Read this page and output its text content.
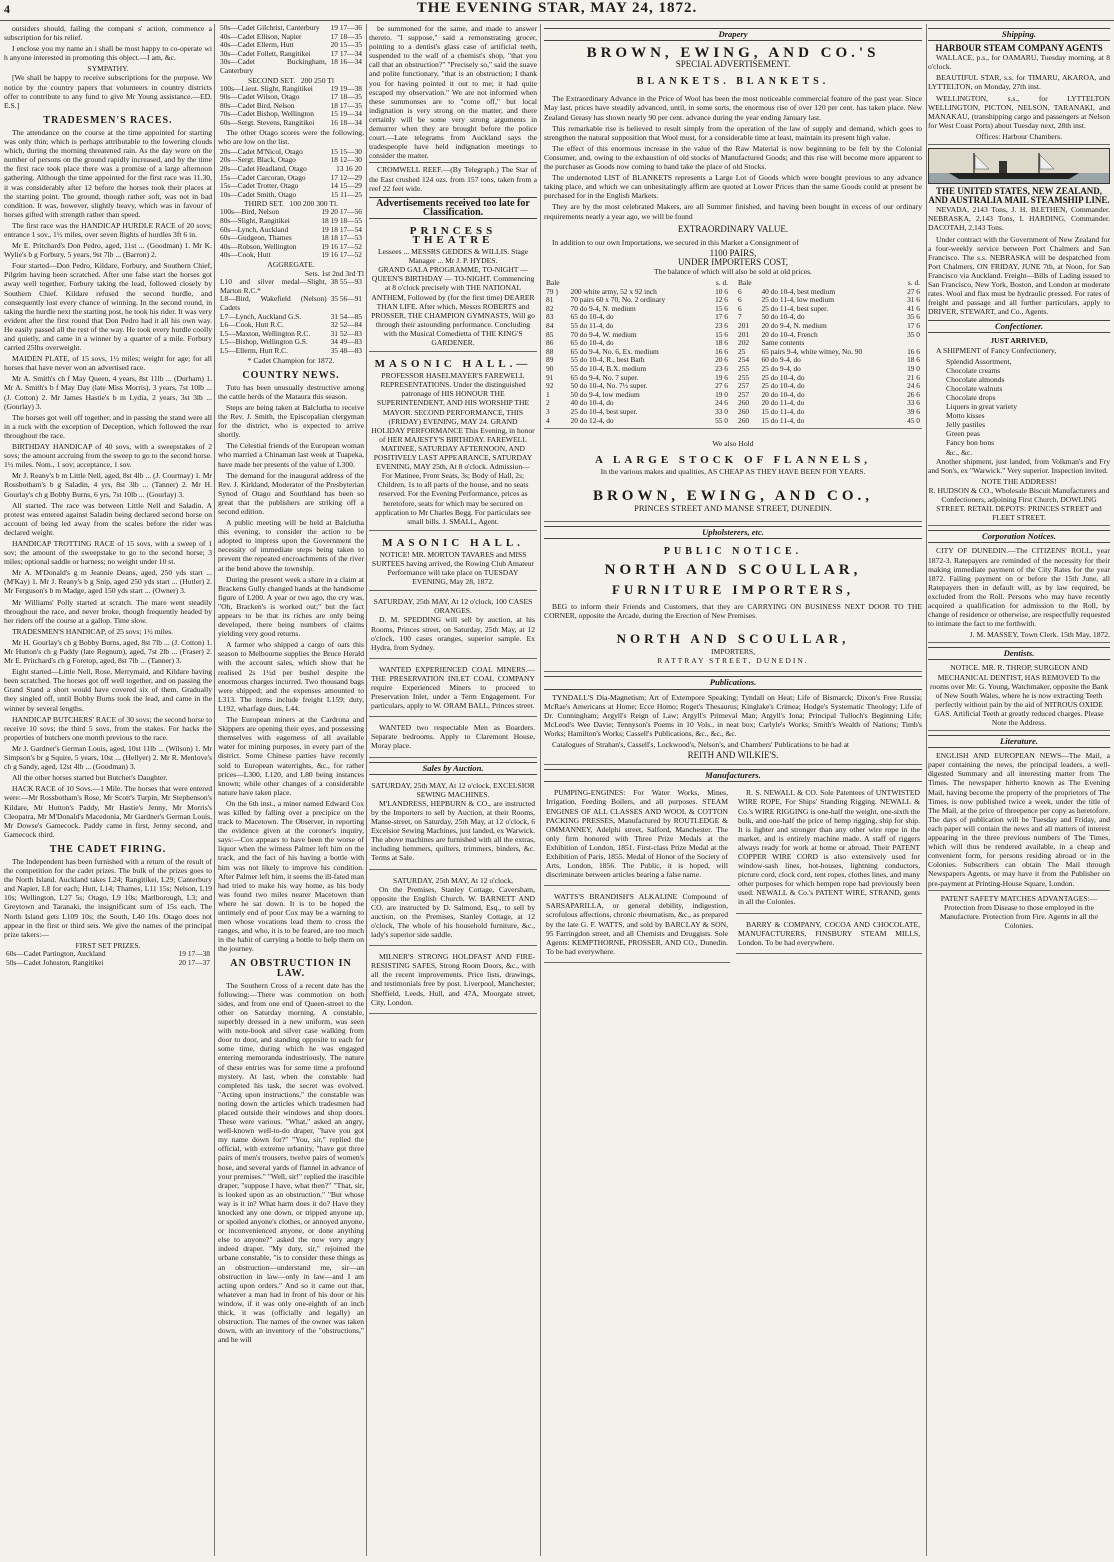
4	THE EVENING STAR, MAY 24, 1872.

outsiders should, failing the compani s' action, commence a subscription for his relief.

I enclose you my name an i shall be most happy to co-operate wi h anyone interested in promoting this object.—I am, &c.

SYMPATHY.

[We shall be happy to receive subscriptions for the purpose. We notice by the country papers that volunteers in country districts offer to contribute to any fund to give Mr Young assistance.—ED. E.S.]

TRADESMEN'S RACES.

The attendance on the course at the time appointed for starting was only thin; which is perhaps attributable to the lowering clouds which, during the morning threatened rain. As the day wore on the number of persons on the ground rapidly increased, and by the time the first race took place there was a promise of a large afternoon gathering. Although the time appointed for the first race was 11.30, it was considerably after 12 before the horses took their places at the starting point. The ground, though rather soft, was not in bad condition. It was, however, slightly heavy, which was in favour of horses gifted with strength rather than speed.

The first race was the HANDICAP HURDLE RACE of 20 sovs; entrance 1 sov., 1½ miles, over seven flights of hurdles 3ft 6 in.

Mr E. Pritchard's Don Pedro, aged, 11st ... (Goodman) 1. Mr K. Wylie's b g Forbury, 5 years, 9st 7lb ... (Barron) 2.

Four started—Don Pedro, Kildare, Forbury, and Southern Chief, Pilgrim having been scratched. After one false start the horses got away well together, Forbury taking the lead, followed closely by Southern Chief. Kildare refused the second hurdle, and consequently lost every chance of winning. In the second round, in taking the hurdle next the starting post, he took his rider. It was very evident after the first round that Don Pedro had it all his own way. He easily passed all the rest of the way. He took every hurdle coolly and quietly, and came in a winner by a quarter of a mile. Forbury carried 25lbs overweight.

MAIDEN PLATE, of 15 sovs, 1½ miles; weight for age; for all horses that have never won an advertised race.

Mr A. Smith's ch f May Queen, 4 years, 8st 11lb ... (Durham) 1. Mr A. Smith's b f May Day (late Miss Morris), 3 years, 7st 10lb ... (J. Cotton) 2. Mr James Hastie's b m Lydia, 2 years, 3st 3lb ... (Gourlay) 3.

The horses got well off together, and in passing the stand were all in a ruck with the exception of Deception, which followed the rear throughout the race.

BIRTHDAY HANDICAP of 40 sovs, with a sweepstakes of 2 sovs; the amount accruing from the sweep to go to the second horse. 1½ miles. Nom., 1 sov; acceptance, 1 sov.

Mr J. Reany's b m Little Nell, aged, 8st 4lb ... (J. Courtnay) 1. Mr Rossbotham's b g Saladin, 4 yrs, 8st 3lb ... (Tanner) 2. Mr H. Gourlay's ch g Bobby Burns, 6 yrs, 7st 10lb ... (Gourlay) 3.

All started. The race was between Little Nell and Saladin. A protest was entered against Saladin being declared second horse on account of being led away from the scales before the rider was declared weight.

HANDICAP TROTTING RACE of 15 sovs, with a sweep of 1 sov; the amount of the sweepstake to go to the second horse; 3 miles; optional saddle or harness; no weight under 10 st.

Mr A. M'Donald's g m Jeannie Deans, aged, 250 yds start ... (M'Kay) 1. Mr J. Reany's b g Snip, aged 250 yds start ... (Hutler) 2. Mr Ferguson's b m Madge, aged 150 yds start ... (Owner) 3.

Mr Williams' Polly started at scratch. The mare went steadily throughout the race, and never broke, though frequently headed by her riders off the course at a gallop. Time slow.

TRADESMEN'S HANDICAP, of 25 sovs; 1½ miles.

Mr H. Gourlay's ch g Bobby Burns, aged, 8st 7lb ... (J. Cotton) 1. Mr Hutton's ch g Paddy (late Regnum), aged, 7st 2lb ... (Fraser) 2. Mr E. Pritchard's ch g Foretop, aged, 8st 7lb ... (Tanner) 3.

Eight started—Little Nell, Rose, Merrymaid, and Kildare having been scratched. The horses got off well together, and on passing the Grand Stand a short would have covered six of them. Gradually they singled off, until Bobby Burns took the lead, and came in the winner by several lengths.

HANDICAP BUTCHERS' RACE of 30 sovs; the second horse to receive 10 sovs; the third 5 sovs, from the stakes. For hacks the properties of butchers one month previous to the race.

Mr J. Gardner's German Louis, aged, 10st 11lb ... (Wilson) 1. Mr Simpson's br g Squire, 5 years, 10st ... (Hellyer) 2. Mr R. Menlove's ch g Sandy, aged, 12st 4lb ... (Goodman) 3.

All the other horses started but Butcher's Daughter.

HACK RACE of 10 Sovs.—1 Mile. The horses that were entered were:—Mr Rossbotham's Rose, Mr Scott's Turpin, Mr Stephenson's Kildare, Mr Hutton's Paddy, Mr Hastie's Jenny, Mr Morris's Cleopatra, Mr M'Donald's Macedonia, Mr Gardner's German Louis, Mr Dowse's Gamecock. Paddy came in first, Jenny second, and Gamecock third.

THE CADET FIRING.

The Independent has been furnished with a return of the result of the competition for the cadet prizes. The bulk of the prizes goes to the North Island. Auckland takes L24; Rangitikei, L29; Canterbury and Napier, L8 for each; Hutt, L14; Thames, L11 15s; Nelson, L19 10s; Wellington, L27 5s; Otago, L9 10s; Marlborough, L3; and Greytown and Taranaki, the insignificant sum of 15s each. The North Island gets L109 10s; the South, L40 10s. Otago does not appear in the first or third sets. We give the names of the principal prize takers:—

FIRST SET PRIZES.
60s—Cadet Partington, Auckland	19 17—38
50s—Cadet Johnston, Rangitikei	20 17—37
50s—Cadet Gilchrist, Canterbury	19 17—36
40s—Cadet Ellison, Napier	17 18—35
40s—Cadet Ellerm, Hutt	20 15—35
30s—Cadet Follett, Rangitikei	17 17—34
30s—Cadet Buckingham, Canterbury	18 16—34
SECOND SET. 200 250 Tl
100s—Lieut. Slight, Rangitikei	19 19—38
90s—Cadet Wilson, Otago	17 18—35
80s—Cadet Bird, Nelson	18 17—35
70s—Cadet Bishop, Wellington	15 19—34
60s—Sergt. Stevens, Rangitikei	16 18—34

The other Otago scores were the following, who are low on the list.

20s—Cadet M'Nicol, Otago	15 15—30
20s—Sergt. Black, Otago	18 12—30
20s—Cadet Headland, Otago	13 16 20
15s—Cadet Carcoran, Otago	17 12—29
15s—Cadet Trotter, Otago	14 15—29
10s—Cadet Smith, Otago	15 11—25
THIRD SET. 100 200 300 Tl.
100s—Bird, Nelson	19 20 17—56
80s—Slight, Rangitikei	18 19 18—55
60s—Lynch, Auckland	19 18 17—54
60s—Gudgeon, Thames	18 18 17—53
40s—Robson, Wellington	19 16 17—52
40s—Cook, Hutt	19 16 17—52
AGGREGATE.
Sets. 1st 2nd 3rd Tl
L10 and silver medal—Slight, Marton R.C.*	38 55—93
L8—Bird, Wakefield (Nelson) Cadets	35 56—91
L7—Lynch, Auckland G.S.	31 54—85
L6—Cook, Hutt R.C.	32 52—84
L5—Maxton, Wellington R.C.	31 52—83
L5—Bishop, Wellington G.S.	34 49—83
L5—Ellerm, Hutt R.C.	35 48—83
* Cadet Champion for 1872.
COUNTRY NEWS.

Tutu has been unusually destructive among the cattle herds of the Mataura this season.

Steps are being taken at Balclutha to receive the Rev. J. Smith, the Episcopalian clergyman for the district, who is expected to arrive shortly.

The Celestial friends of the European woman who married a Chinaman last week at Tuapeka, have made her presents of the value of L300.

The demand for the inaugural address of the Rev. J. Kirkland, Moderator of the Presbyterian Synod of Otago and Southland has been so great that the publishers are striking off a second edition.

A public meeting will be held at Balclutha this evening, to consider the action to be adopted to impress upon the Government the necessity of immediate steps being taken to prevent the repeated encroachments of the river at the bend above the township.

During the present week a share in a claim at Brackens Gully changed hands at the handsome figure of L200. A year or two ago, the cry was, "Oh, Bracken's is worked out;" but the fact appears to be that its riches are only being developed, there being numbers of claims yielding very good returns.

A farmer who shipped a cargo of oats this season to Melbourne supplies the Bruce Herald with the account sales, which show that he realised 2s 1½d per bushel despite the enormous charges incurred. Two thousand bags were shipped; and the expenses amounted to L313. The items include freight L159; duty, L192, wharfage dues, L44.

The European miners at the Cardrona and Skippers are opening their eyes, and possessing themselves with eagerness of all available water for mining purposes, in every part of the district. Some Chinese parties have recently sold to European waterrights, &c., for rather prices—L300, L120, and L80 being instances known; while other changes of a considerable nature have taken place.

On the 6th inst., a miner named Edward Cox was killed by falling over a precipice on the track to Macetown. The Observer, in reporting the evidence given at the coroner's inquiry, says:—Cox appears to have been the worse of liquor when the witness Palmer left him on the track, and the fact of his having a bottle with him was not likely to improve his condition. After Palmer left him, it seems the ill-fated man had tried to make his way home, as his body was found two miles nearer Macetown than where he sat down. It is to be hoped the untimely end of poor Cox may be a warning to men whose vocations lead them to cross the ranges, and who, it is to be feared, are too much in the habit of carrying a bottle to help them on the journey.

AN OBSTRUCTION IN LAW.

The Southern Cross of a recent date has the following:—There was commotion on both sides, and from one end of Queen-street to the other on Saturday morning. A constable, superbly dressed in a new uniform, was seen with note-book and silver case walking from door to door, and standing opposite to each for some time, during which he was engaged entering memoranda industriously. The nature of these entries was for some time a profound mystery. At last, when the constable had completed his task, the secret was evolved. "Acting upon instructions," the constable was noting down the articles which tradesmen had placed outside their windows and shop doors. These were various. "What," asked an angry, well-known well-to-do draper, "have you got my name down for?" "You, sir," replied the official, with extreme urbanity, "have got three pairs of men's trousers, twelve pairs of women's hose, and several yards of flannel in advance of your premises." "Well, sir!" replied the irascible draper, "suppose I have, what then?" "That, sir, is looked upon as an obstruction." "But whose way is it in? What harm does it do? Have they knocked any one down, or tripped anyone up, or spoiled anyone's clothes, or annoyed anyone, or inconvenienced anyone, or done anything else to anyone?" asked the now very angry indeed draper. "My duty, sir," rejoined the urbane constable, "is to consider these things as an obstruction—understand me, sir—an obstruction in law—only in law—and I am acting upon orders." And so it came out that, whatever a man had in front of his door or his window, if it was only one-eighth of an inch thick, it was (officially and legally) an obstruction. The names of the owner was taken down, with an inventory of the "obstructions," and he will

be summoned for the same, and made to answer thereto. "I suppose," said a remonstrating grocer, pointing to a dentist's glass case of artificial teeth, suspended to the wall of a chemist's shop, "that you call that an obstruction?" "Precisely so," said the suave and polite functionary, "that is an obstruction; I thank you for having pointed it out to me; it had quite escaped my observation." We are not informed when these summonses are to "come off," but local indignation is very strong on the matter, and there certainly will be some very strong arguments in demurrer when they are brought before the police court.—Late telegrams from Auckland says the tradespeople have held indignation meetings to consider the matter.

CROMWELL REEF.—(By Telegraph.) The Star of the East crushed 124 ozs. from 157 tons, taken from a reef 22 feet wide.

Advertisements received too late for Classification.
PRINCESS THEATRE
Lessees ... MESSRS GEDDES & WILLIS. Stage Manager ... Mr J. P. HYDES.
GRAND GALA PROGRAMME, TO-NIGHT — QUEEN'S BIRTHDAY — TO-NIGHT. Commencing at 8 o'clock precisely with THE NATIONAL ANTHEM, Followed by (for the first time) DEARER THAN LIFE. After which, Messrs ROBERTS and PROSSER, THE CHAMPION GYMNASTS, Will go through their astounding performance. Concluding with the Musical Comedietta of THE KING'S GARDENER.
MASONIC HALL.—
PROFESSOR HASELMAYER'S FAREWELL REPRESENTATIONS. Under the distinguished patronage of HIS HONOUR THE SUPERINTENDENT, AND HIS WORSHIP THE MAYOR. SECOND PERFORMANCE, THIS (FRIDAY) EVENING, MAY 24. GRAND HOLIDAY PERFORMANCE This Evening, in honor of HER MAJESTY'S BIRTHDAY. FAREWELL MATINEE, SATURDAY AFTERNOON, AND POSITIVELY LAST APPEARANCE, SATURDAY EVENING, MAY 25th, At 8 o'clock. Admission—For Matinee, Front Seats, 3s; Body of Hall, 2s; Children, 1s to all parts of the house, and no seats reserved. For the Evening Performance, prices as heretofore, seats for which may be secured on application to Mr Charles Begg. For particulars see small bills. J. SMALL, Agent.
MASONIC HALL.
NOTICE! MR. MORTON TAVARES and MISS SURTEES having arrived, the Rowing Club Amateur Performance will take place on TUESDAY EVENING, May 28, 1872.
SATURDAY, 25th MAY, At 12 o'clock, 100 CASES ORANGES.

D. M. SPEDDING will sell by auction, at his Rooms, Princes street, on Saturday, 25th May, at 12 o'clock, 100 cases oranges, superior sample. Ex Hydra, from Sydney.

WANTED EXPERIENCED COAL MINERS.—THE PRESERVATION INLET COAL COMPANY require Experienced Miners to proceed to Preservation Inlet, under a Term Engagement. For particulars, apply to W. ORAM BALL, Princes street.

WANTED two respectable Men as Boarders. Separate bedrooms. Apply to Claremont House, Moray place.

Sales by Auction.
SATURDAY, 25th MAY, At 12 o'clock, EXCELSIOR SEWING MACHINES.

M'LANDRESS, HEPBURN & CO., are instructed by the Importers to sell by Auction, at their Rooms, Manse-street, on Saturday, 25th May, at 12 o'clock, 6 Excelsior Sewing Machines, just landed, ex Warwick. The above machines are furnished with all the extras, including hemmers, quilters, trimmers, binders, &c. Terms at Sale.

SATURDAY, 25th MAY, At 12 o'clock,

On the Premises, Stanley Cottage, Caversham, opposite the English Church. W. BARNETT AND CO. are instructed by D. Salmond, Esq., to sell by auction, on the Premises, Stanley Cottage, at 12 o'clock, The whole of his household furniture, &c., lady's superior side saddle.

MILNER'S STRONG HOLDFAST AND FIRE-RESISTING SAFES, Strong Room Doors, &c., with all the recent improvements. Price lists, drawings, and testimonials free by post. Liverpool, Manchester, Sheffield, Leeds, Hull, and 47A, Moorgate street, City, London.

Drapery
BROWN, EWING, AND CO.'S
SPECIAL ADVERTISEMENT.
BLANKETS. BLANKETS.

The Extraordinary Advance in the Price of Wool has been the most noticeable commercial feature of the past year. Since May last, prices have steadily advanced, until, in some sorts, the enormous rise of over 120 per cent. has taken place. New Zealand Greasy has shown nearly 90 per cent. advance during the year ending January last.

This remarkable rise is believed to result simply from the operation of the law of supply and demand, which goes to strengthen the natural supposition that Wool must, for a considerable time at least, maintain its present high value.

The effect of this enormous increase in the value of the Raw Material is now beginning to be felt by the Colonial Consumer, and, owing to the exhaustion of old stocks of Manufactured Goods; and this rise will become more apparent to the purchaser as Goods now coming to hand take the place of old Stocks.

The undernoted LIST of BLANKETS represents a Large Lot of Goods which were bought previous to any advance taking place, and which we can unhesitatingly affirm are quoted at Lower Prices than the same Goods could at present be purchased for in the English Markets.

They are by the most celebrated Makers, are all Summer finished, and having been bought in excess of our ordinary requirements nearly a year ago, we will be found

EXTRAORDINARY VALUE.

In addition to our own Importations, we secured in this Market a Consignment of

1100 PAIRS,
UNDER IMPORTERS COST,
The balance of which will also be sold at old prices.
Bale		s. d.
79 }	200 white army, 52 x 92 inch	10 6
81	70 pairs 60 x 70, No. 2 ordinary	12 6
82	70 do 9-4, N. medium	15 6
83	65 do 10-4, do	17 6
84	55 do 11-4, do	23 6
85	70 do 9-4, W. medium	15 6
86	65 do 10-4, do	18 6
88	65 do 9-4, No. 6, Ex. medium	16 6
89	55 do 10-4, R., best Bath	20 6
90	55 do 10-4, B.X. medium	23 6
91	65 do 9-4, No. 7 super.	19 6
92	50 do 10-4, No. 7½ super.	27 6
1	50 do 9-4, low medium	19 0
2	40 do 10-4, do	24 6
3	25 do 10-4, best super.	33 0
4	20 do 12-4, do	55 0
Bale		s. d.
6	40 do 10-4, best medium	27 6
6	25 do 11-4, low medium	31 6
6	25 do 11-4, best super.	41 6
7	50 do 10-4, do	35 6
201	20 do 9-4, N. medium	17 6
201	20 do 10-4, French	35 0
202	Same contents	
25	65 pairs 9-4, white witney, No. 90	16 6
254	60 do 9-4, do	18 6
255	25 do 9-4, do	19 0
255	25 do 10-4, do	21 6
257	25 do 10-4, do	24 6
257	20 do 10-4, do	26 6
260	20 do 11-4, do	33 6
260	15 do 11-4, do	39 6
260	15 do 11-4, do	45 0
We also Hold
A LARGE STOCK OF FLANNELS,
In the various makes and qualities, AS CHEAP AS THEY HAVE BEEN FOR YEARS.
BROWN, EWING, AND CO.,
PRINCES STREET AND MANSE STREET, DUNEDIN.
Upholsterers, etc.
PUBLIC NOTICE.
NORTH AND SCOULLAR,
FURNITURE IMPORTERS,

BEG to inform their Friends and Customers, that they are CARRYING ON BUSINESS NEXT DOOR TO THE CORNER, opposite the Arcade, during the Erection of New Premises.

NORTH AND SCOULLAR,
IMPORTERS,
RATTRAY STREET, DUNEDIN.
Publications.

TYNDALL'S Dia-Magnetism; Art of Extempore Speaking; Tyndall on Heat; Life of Bismarck; Dixon's Free Russia; McRae's Americans at Home; Ecce Homo; Roget's Thesaurus; Kinglake's Crimea; Hodge's Systematic Theology; Life of Dr. Cunningham; Argyll's Reign of Law; Argyll's Primeval Man; Argyll's Iona; Principal Tulloch's Beginning Life; McLeod's Wee Davie; Tennyson's Poems in 10 Vols., in neat box; Carlyle's Works; Smith's Wealth of Nations; Timb's Works; Hamilton's Works; Cassell's Publications, &c., &c., &c.

Catalogues of Strahan's, Cassell's, Lockwood's, Nelson's, and Chambers' Publications to be had at

REITH AND WILKIE'S.
Manufacturers.

PUMPING-ENGINES: For Water Works, Mines, Irrigation, Feeding Boilers, and all purposes. STEAM ENGINES OF ALL CLASSES AND WOOL & COTTON PACKING PRESSES, Manufactured by ROUTLEDGE & OMMANNEY, Adelphi street, Salford, Manchester. The only firm honored with Three Prize Medals at the Exhibition of London, 1851. First-class Prize Medal at the Exhibition of Paris, 1855. Medal of Honor of the Society of Arts, London, 1856. The Public, it is hoped, will discriminate between articles bearing a false name.

WATTS'S BRANDISH'S ALKALINE Compound of SARSAPARILLA, or general debility, indigestion, scrofulous affections, chronic rheumatism, &c., as prepared by the late G. F. WATTS, and sold by BARCLAY & SON, 95 Farringdon street, and all Chemists and Druggists. Sole Agents: KEMPTHORNE, PROSSER, AND CO., Dunedin. To be had everywhere.

R. S. NEWALL & CO. Sole Patentees of UNTWISTED WIRE ROPE, For Ships' Standing Rigging. NEWALL & Co.'s WIRE RIGGING is one-half the weight, one-sixth the bulk, and one-half the price of hemp rigging, ship for ship. It is lighter and stronger than any other wire rope in the market, and is entirely machine made. A staff of riggers always ready for work at home or abroad. Their PATENT COPPER WIRE CORD is also extensively used for window-sash lines, hot-houses, lightning conductors, picture cord, clock cord, tent ropes, clothes lines, and many other purposes for which hempen rope had previously been used. NEWALL & Co.'s PATENT WIRE, STRAND, gents in all the Colonies.

BARRY & COMPANY, COCOA AND CHOCOLATE, MANUFACTURERS, FINSBURY STEAM MILLS, London. To be had everywhere.

Shipping.
HARBOUR STEAM COMPANY AGENTS

WALLACE, p.s., for OAMARU, Tuesday morning, at 8 o'clock.

BEAUTIFUL STAR, s.s. for TIMARU, AKAROA, and LYTTELTON, on Monday, 27th inst.

WELLINGTON, s.s., for LYTTELTON WELLINGTON, PICTON, NELSON, TARANAKI, and MANAKAU, (transhipping cargo and passengers at Nelson for West Coast Ports) about Tuesday next, 28th inst.

Offices: Harbour Chambers.
THE UNITED STATES, NEW ZEALAND, AND AUSTRALIA MAIL STEAMSHIP LINE.

NEVADA, 2143 Tons, J. H. BLETHEN, Commander. NEBRASKA, 2,143 Tons, I. HARDING, Commander. DACOTAH, 2,143 Tons.

Under contract with the Government of New Zealand for a four-weekly service between Port Chalmers and San Francisco. The s.s. NEBRASKA will be despatched from Port Chalmers, ON FRIDAY, JUNE 7th, at Noon, for San Francisco via Auckland. Freight—Bills of Lading issued to San Francisco, New York, Boston, and London at moderate rates. Wool and flax must be hydraulic pressed. For rates of freight and passage and all further particulars, apply to DRIVER, STEWART, and Co., Agents.

Confectioner.
JUST ARRIVED,

A SHIPMENT of Fancy Confectionery,

Splendid Assortment,
Chocolate creams
Chocolate almonds
Chocolate walnuts
Chocolate drops
Liquers in great variety
Motto kisses
Jelly pastiles
Green peas
Fancy bon bons
&c., &c.

Another shipment, just landed, from Volkman's and Fry and Son's, ex "Warwick." Very superior. Inspection invited.

NOTE THE ADDRESS!
R. HUDSON & CO., Wholesale Biscuit Manufacturers and Confectioners, adjoining First Church, DOWLING STREET. RETAIL DEPOTS: PRINCES STREET and FLEET STREET.
Corporation Notices.

CITY OF DUNEDIN.—The CITIZENS' ROLL, year 1872-3. Ratepayers are reminded of the necessity for their making immediate payment of the City Rates for the year 1872. Failing payment on or before the 15th June, all Ratepayers then in default will, as by law required, be excluded from the Roll. Persons who may have recently acquired a qualification for admission to the Roll, by change of residence or otherwise, are respectfully requested to intimate the fact to me forthwith.

J. M. MASSEY, Town Clerk. 15th May, 1872.
Dentists.
NOTICE. MR. R. THROP, SURGEON AND MECHANICAL DENTIST, HAS REMOVED To the rooms over Mr. G. Young, Watchmaker, opposite the Bank of New South Wales, where he is now extracting Teeth perfectly without pain by the aid of NITROUS OXIDE GAS. Artificial Teeth at greatly reduced charges. Please Note the Address.
Literature.

ENGLISH AND EUROPEAN NEWS—The Mail, a paper containing the news, the principal leaders, a well-digested Summary and all interesting matter from The Times. The newspaper hitherto known as The Evening Mail, having become the property of the proprietors of The Times, is now published twice a week, under the title of The Mail, at the price of threepence per copy as heretofore. The days of publication will be Tuesday and Friday, and each paper will contain the news and all matters of interest appearing in the three previous numbers of The Times, which will thus be rendered available, in a cheap and convenient form, for persons residing abroad or in the Colonies. Subscribers can obtain The Mail through Newspapers Agents, or may have it from the Publisher on pre-payment at Printing-House Square, London.

PATENT SAFETY MATCHES ADVANTAGES:— Protection from Disease to those employed in the Manufacture. Protection from Fire. Agents in all the Colonies.
